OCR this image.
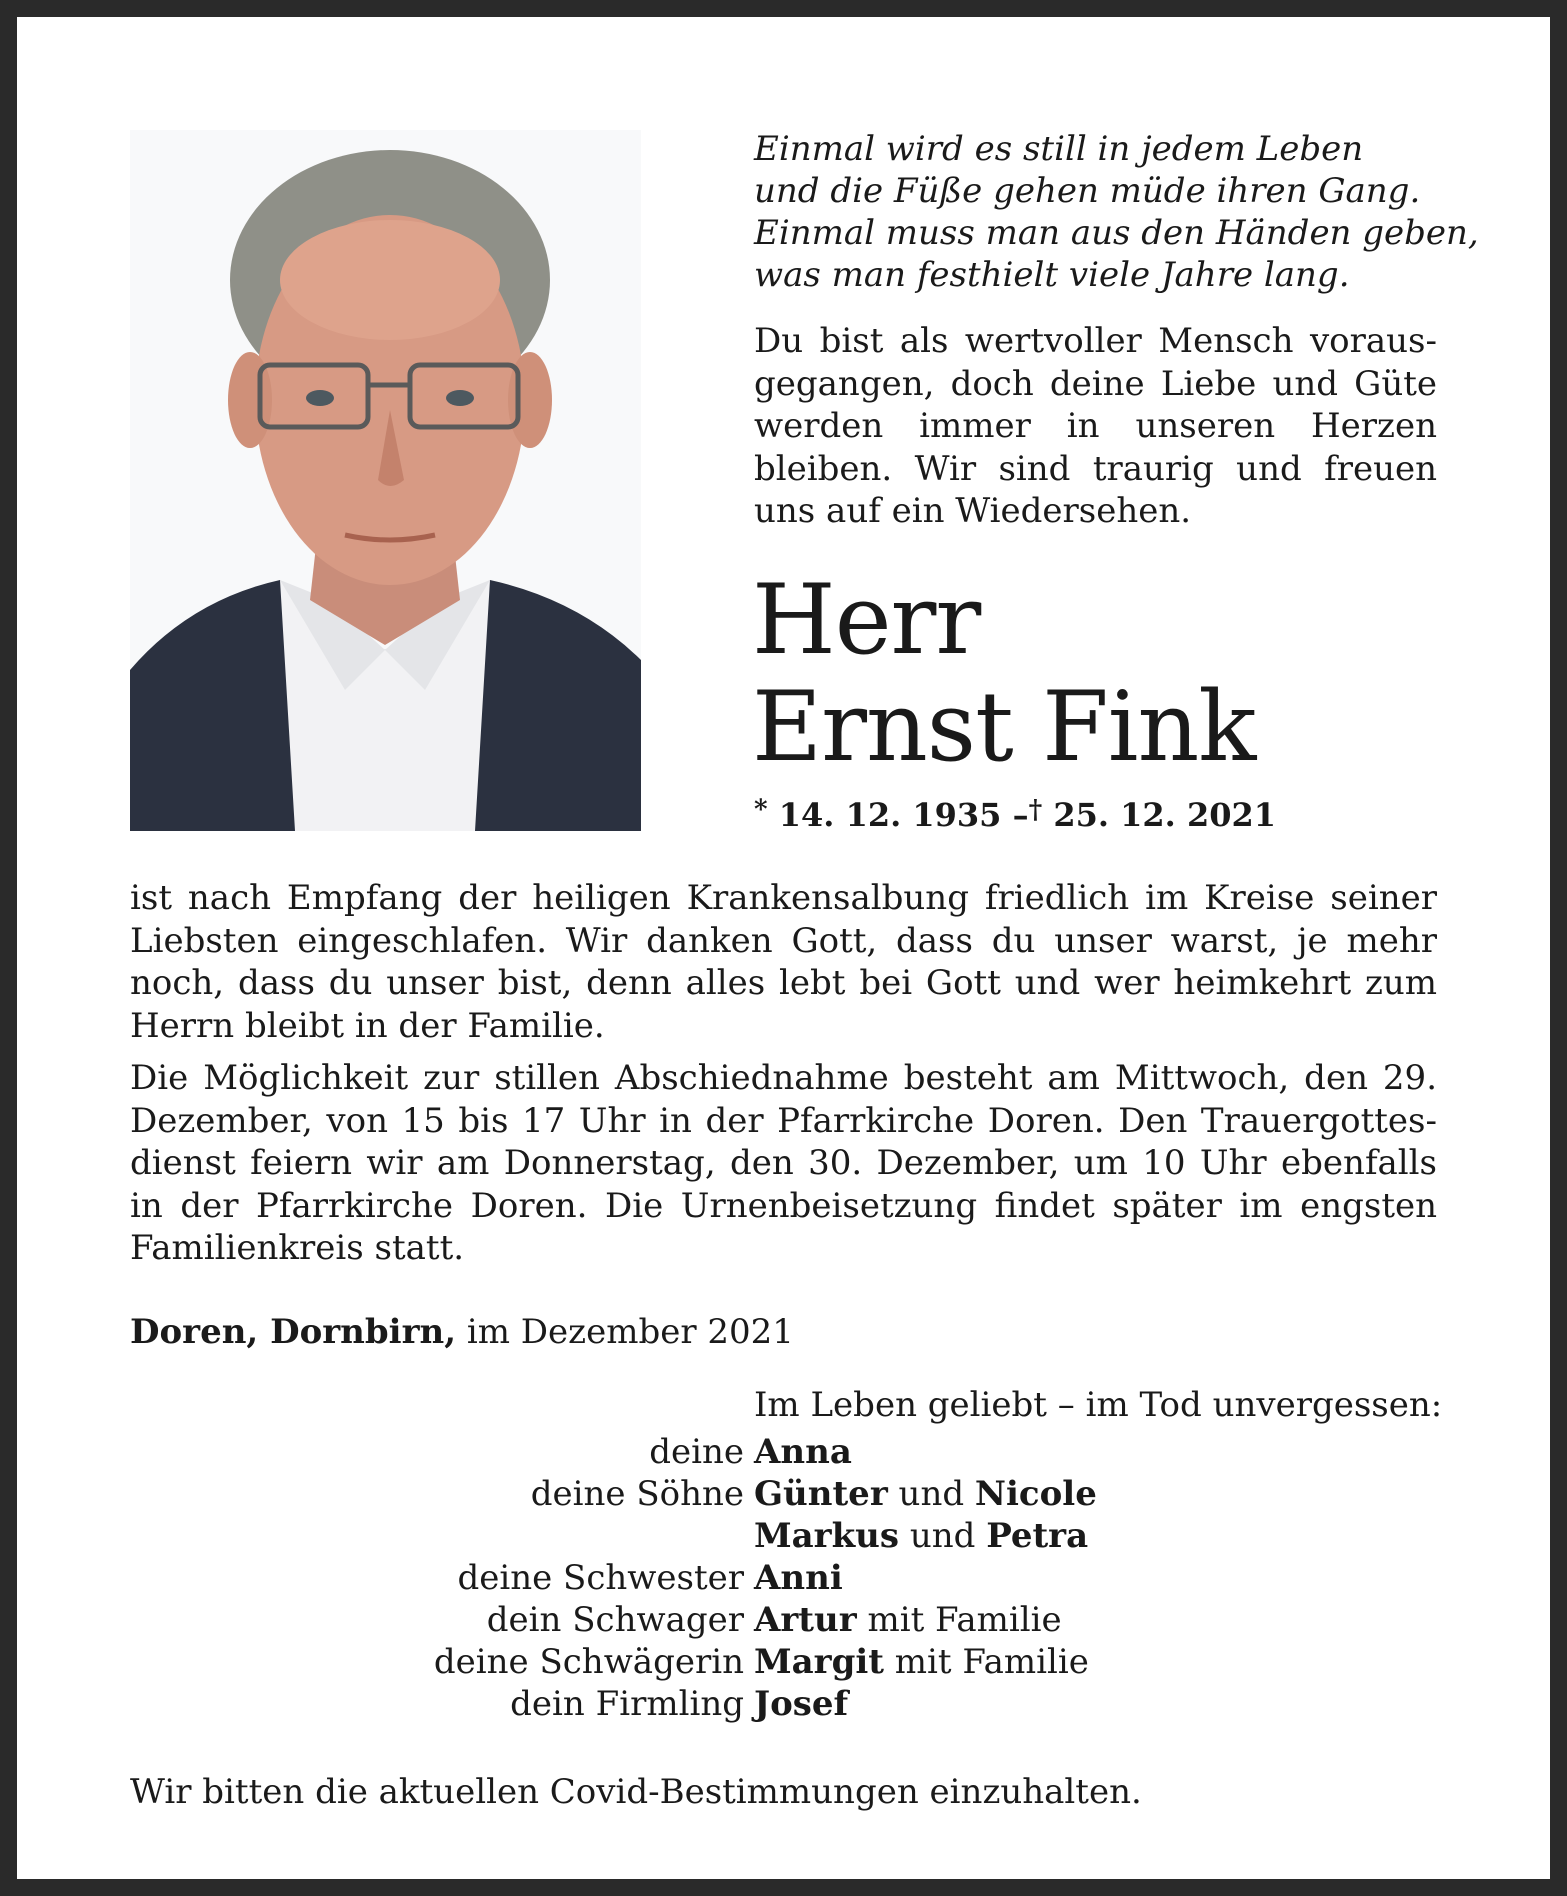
Einmal wird es still in jedem Leben
und die Füße gehen müde ihren Gang.
Einmal muss man aus den Händen geben,
was man festhielt viele Jahre lang.
Du bist als wertvoller Mensch vorausgegangen, doch deine Liebe und Güte werden immer in unseren Herzen bleiben. Wir sind traurig und freuen uns auf ein Wiedersehen.
Herr
Ernst Fink
* 14. 12. 1935 –† 25. 12. 2021

ist nach Empfang der heiligen Krankensalbung friedlich im Kreise seiner Liebsten eingeschlafen. Wir danken Gott, dass du unser warst, je mehr noch, dass du unser bist, denn alles lebt bei Gott und wer heimkehrt zum Herrn bleibt in der Familie.

Die Möglichkeit zur stillen Abschiednahme besteht am Mittwoch, den 29. Dezember, von 15 bis 17 Uhr in der Pfarrkirche Doren. Den Trauergottesdienst feiern wir am Donnerstag, den 30. Dezember, um 10 Uhr ebenfalls in der Pfarrkirche Doren. Die Urnenbeisetzung findet später im engsten Familienkreis statt.

Doren, Dornbirn, im Dezember 2021
Im Leben geliebt – im Tod unvergessen:
deine Anna
deine Söhne Günter und Nicole
Markus und Petra
deine Schwester Anni
dein Schwager Artur mit Familie
deine Schwägerin Margit mit Familie
dein Firmling Josef
Wir bitten die aktuellen Covid-Bestimmungen einzuhalten.
